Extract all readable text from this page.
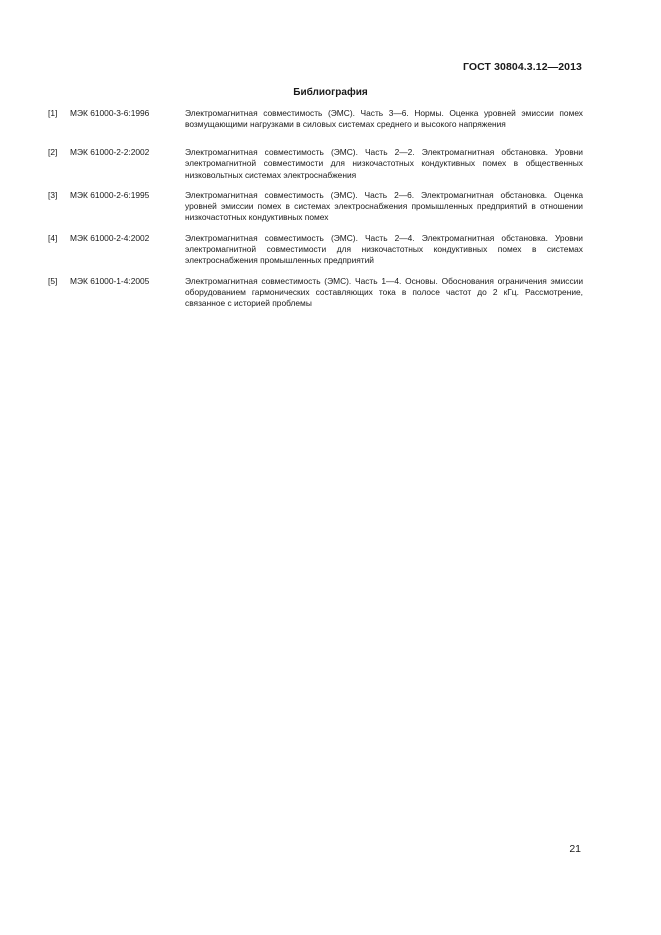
ГОСТ 30804.3.12—2013
Библиография
[1]	МЭК 61000-3-6:1996	Электромагнитная совместимость (ЭМС). Часть 3—6. Нормы. Оценка уровней эмиссии помех возмущающими нагрузками в силовых системах среднего и высокого напряжения
[2]	МЭК 61000-2-2:2002	Электромагнитная совместимость (ЭМС). Часть 2—2. Электромагнитная обстановка. Уровни электромагнитной совместимости для низкочастотных кондуктивных помех в общественных низковольтных системах электроснабжения
[3]	МЭК 61000-2-6:1995	Электромагнитная совместимость (ЭМС). Часть 2—6. Электромагнитная обстановка. Оценка уровней эмиссии помех в системах электроснабжения промышленных предприятий в отношении низкочастотных кондуктивных помех
[4]	МЭК 61000-2-4:2002	Электромагнитная совместимость (ЭМС). Часть 2—4. Электромагнитная обстановка. Уровни электромагнитной совместимости для низкочастотных кондуктивных помех в системах электроснабжения промышленных предприятий
[5]	МЭК 61000-1-4:2005	Электромагнитная совместимость (ЭМС). Часть 1—4. Основы. Обоснования ограничения эмиссии оборудованием гармонических составляющих тока в полосе частот до 2 кГц. Рассмотрение, связанное с историей проблемы
21
